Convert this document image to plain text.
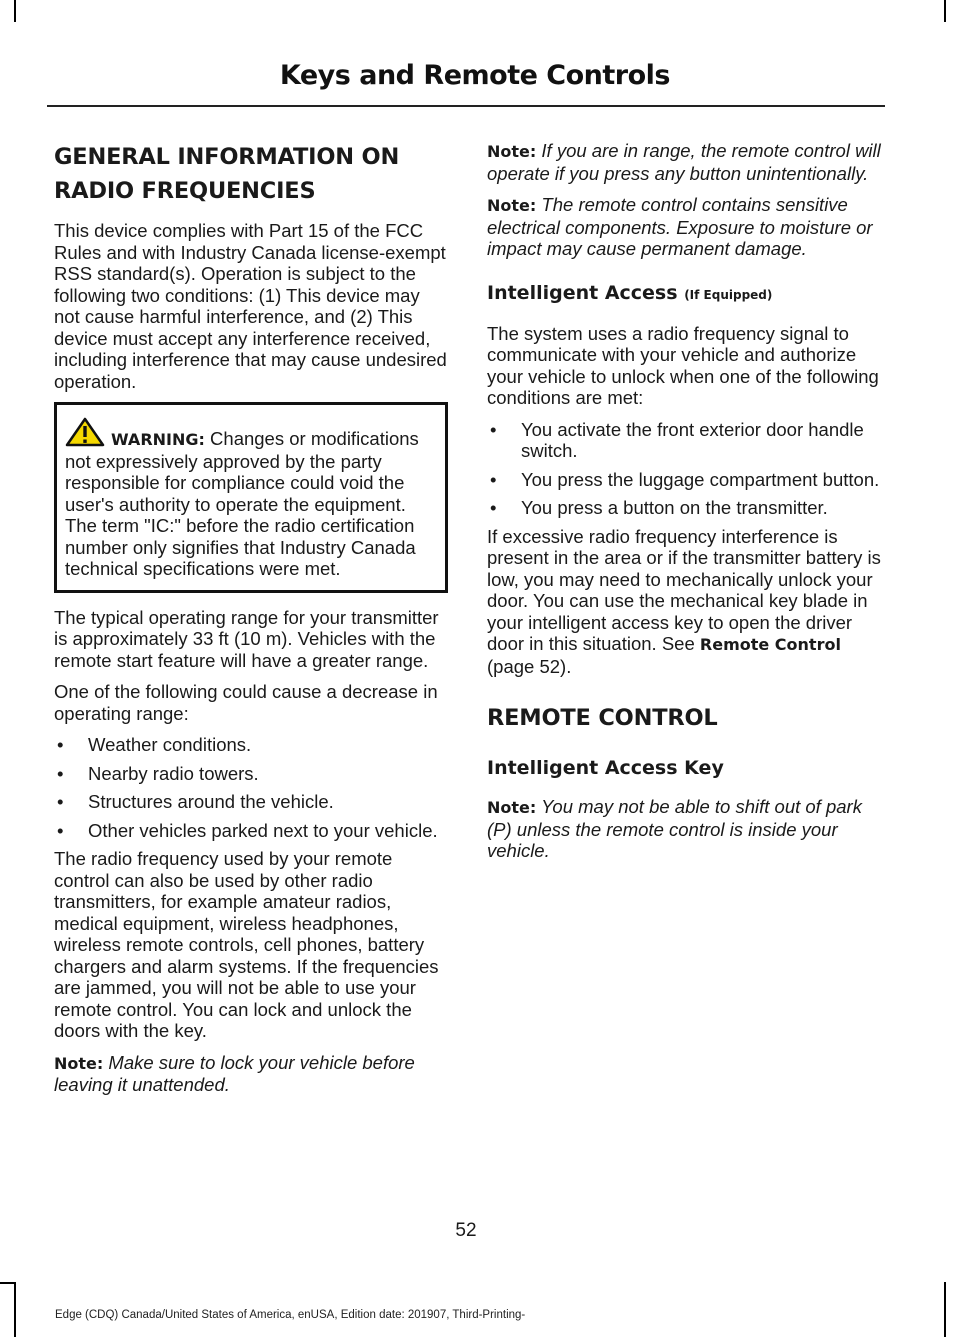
Keys and Remote Controls
GENERAL INFORMATION ON RADIO FREQUENCIES

This device complies with Part 15 of the FCC Rules and with Industry Canada license-exempt RSS standard(s). Operation is subject to the following two conditions: (1) This device may not cause harmful interference, and (2) This device must accept any interference received, including interference that may cause undesired operation.

WARNING: Changes or modifications not expressively approved by the party responsible for compliance could void the user's authority to operate the equipment. The term "IC:" before the radio certification number only signifies that Industry Canada technical specifications were met.

The typical operating range for your transmitter is approximately 33 ft (10 m). Vehicles with the remote start feature will have a greater range.

One of the following could cause a decrease in operating range:

• Weather conditions.
• Nearby radio towers.
• Structures around the vehicle.
• Other vehicles parked next to your vehicle.

The radio frequency used by your remote control can also be used by other radio transmitters, for example amateur radios, medical equipment, wireless headphones, wireless remote controls, cell phones, battery chargers and alarm systems. If the frequencies are jammed, you will not be able to use your remote control. You can lock and unlock the doors with the key.

Note: Make sure to lock your vehicle before leaving it unattended.

Note: If you are in range, the remote control will operate if you press any button unintentionally.

Note: The remote control contains sensitive electrical components. Exposure to moisture or impact may cause permanent damage.

Intelligent Access (If Equipped)

The system uses a radio frequency signal to communicate with your vehicle and authorize your vehicle to unlock when one of the following conditions are met:

• You activate the front exterior door handle switch.
• You press the luggage compartment button.
• You press a button on the transmitter.

If excessive radio frequency interference is present in the area or if the transmitter battery is low, you may need to mechanically unlock your door. You can use the mechanical key blade in your intelligent access key to open the driver door in this situation. See Remote Control (page 52).

REMOTE CONTROL
Intelligent Access Key

Note: You may not be able to shift out of park (P) unless the remote control is inside your vehicle.

52
Edge (CDQ) Canada/United States of America, enUSA, Edition date: 201907, Third-Printing-
